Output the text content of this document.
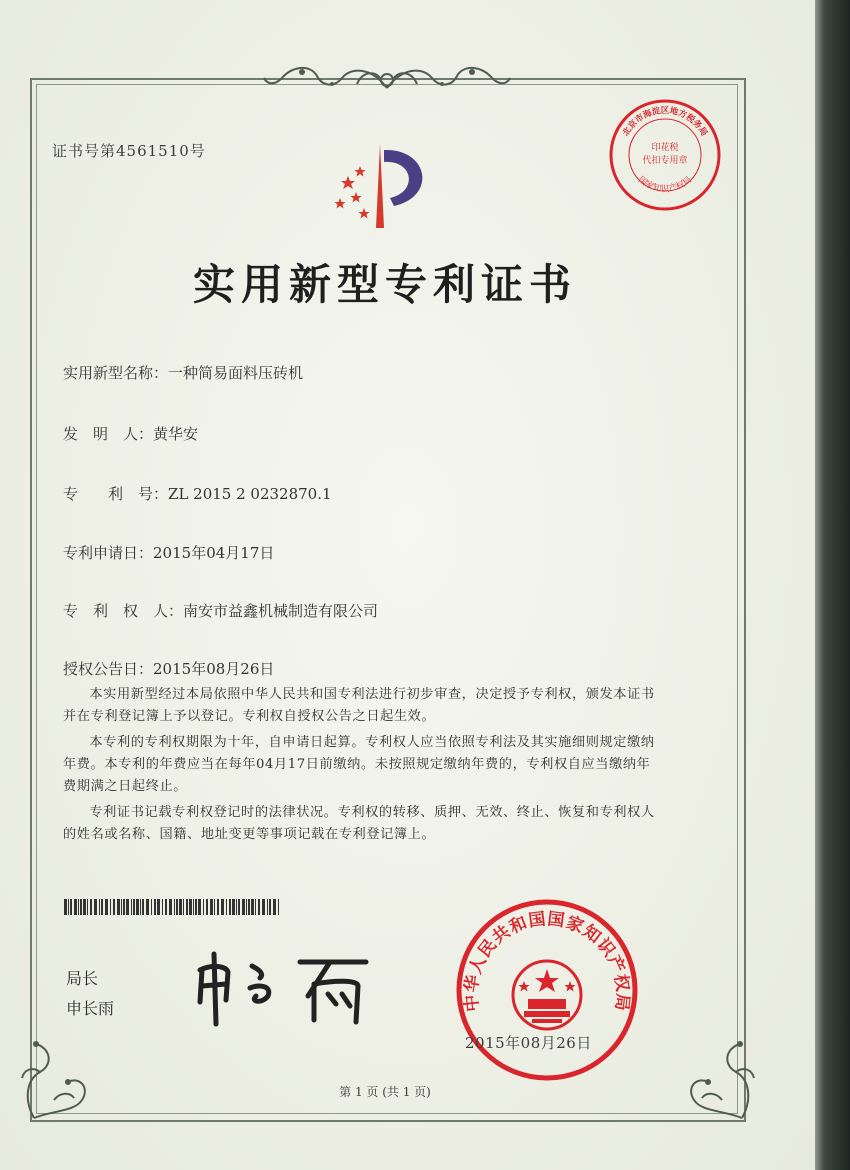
证书号第4561510号
北京市海淀区地方税务局
印花税
代扣专用章
国家知识产权局
实用新型专利证书
实用新型名称：一种简易面料压砖机
发　明　人：黄华安
专　　利　号：ZL 2015 2 0232870.1
专利申请日：2015年04月17日
专　利　权　人：南安市益鑫机械制造有限公司
授权公告日：2015年08月26日

本实用新型经过本局依照中华人民共和国专利法进行初步审查，决定授予专利权，颁发本证书并在专利登记簿上予以登记。专利权自授权公告之日起生效。

本专利的专利权期限为十年，自申请日起算。专利权人应当依照专利法及其实施细则规定缴纳年费。本专利的年费应当在每年04月17日前缴纳。未按照规定缴纳年费的，专利权自应当缴纳年费期满之日起终止。

专利证书记载专利权登记时的法律状况。专利权的转移、质押、无效、终止、恢复和专利权人的姓名或名称、国籍、地址变更等事项记载在专利登记簿上。

局长
申长雨	中华人民共和国国家知识产权局
2015年08月26日
第 1 页 (共 1 页)
